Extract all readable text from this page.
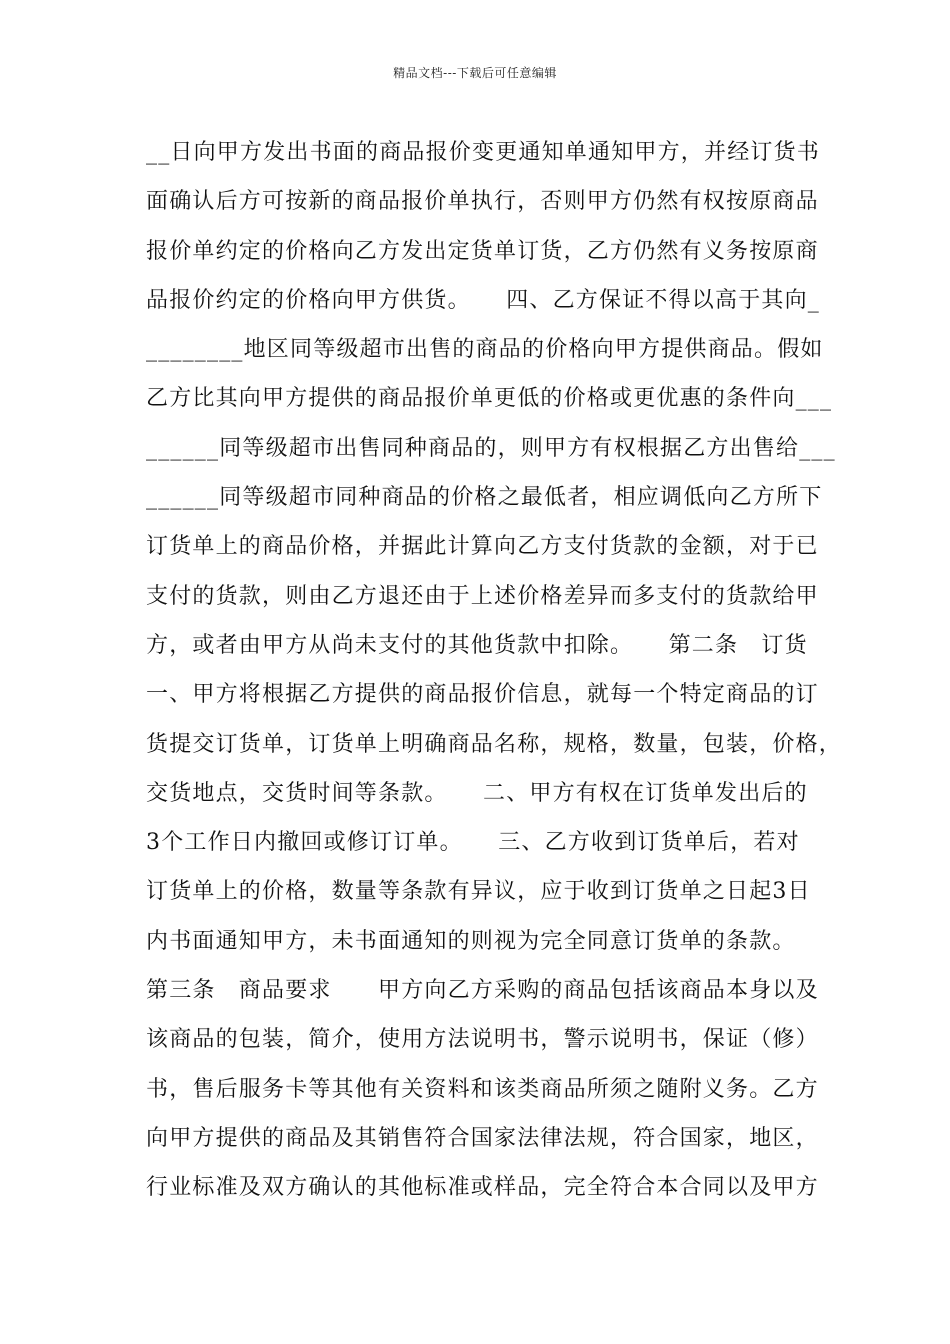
精品文档---下载后可任意编辑
__日向甲方发出书面的商品报价变更通知单通知甲方，并经订货书
面确认后方可按新的商品报价单执行，否则甲方仍然有权按原商品
报价单约定的价格向乙方发出定货单订货，乙方仍然有义务按原商
品报价约定的价格向甲方供货。　　四、乙方保证不得以高于其向_
________地区同等级超市出售的商品的价格向甲方提供商品。假如
乙方比其向甲方提供的商品报价单更低的价格或更优惠的条件向___
______同等级超市出售同种商品的，则甲方有权根据乙方出售给___
______同等级超市同种商品的价格之最低者，相应调低向乙方所下
订货单上的商品价格，并据此计算向乙方支付货款的金额，对于已
支付的货款，则由乙方退还由于上述价格差异而多支付的货款给甲
方，或者由甲方从尚未支付的其他货款中扣除。　　第二条　订货
一、甲方将根据乙方提供的商品报价信息，就每一个特定商品的订
货提交订货单，订货单上明确商品名称，规格，数量，包装，价格，
交货地点，交货时间等条款。　　二、甲方有权在订货单发出后的
3个工作日内撤回或修订订单。　　三、乙方收到订货单后，若对
订货单上的价格，数量等条款有异议，应于收到订货单之日起3日
内书面通知甲方，未书面通知的则视为完全同意订货单的条款。
第三条　商品要求　　甲方向乙方采购的商品包括该商品本身以及
该商品的包装，简介，使用方法说明书，警示说明书，保证（修）
书，售后服务卡等其他有关资料和该类商品所须之随附义务。乙方
向甲方提供的商品及其销售符合国家法律法规，符合国家，地区，
行业标准及双方确认的其他标准或样品，完全符合本合同以及甲方
